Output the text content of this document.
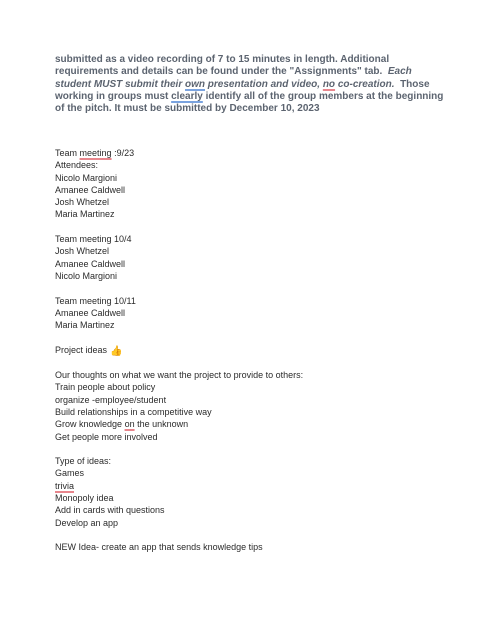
submitted as a video recording of 7 to 15 minutes in length. Additional
requirements and details can be found under the "Assignments" tab. Each
student MUST submit their own presentation and video, no co-creation. Those
working in groups must clearly identify all of the group members at the beginning
of the pitch. It must be submitted by December 10, 2023
Team meeting :9/23
Attendees:
Nicolo Margioni
Amanee Caldwell
Josh Whetzel
Maria Martinez
Team meeting 10/4
Josh Whetzel
Amanee Caldwell
Nicolo Margioni
Team meeting 10/11
Amanee Caldwell
Maria Martinez
Project ideas 👍
Our thoughts on what we want the project to provide to others:
Train people about policy
organize -employee/student
Build relationships in a competitive way
Grow knowledge on the unknown
Get people more involved
Type of ideas:
Games
trivia
Monopoly idea
Add in cards with questions
Develop an app
NEW Idea- create an app that sends knowledge tips
